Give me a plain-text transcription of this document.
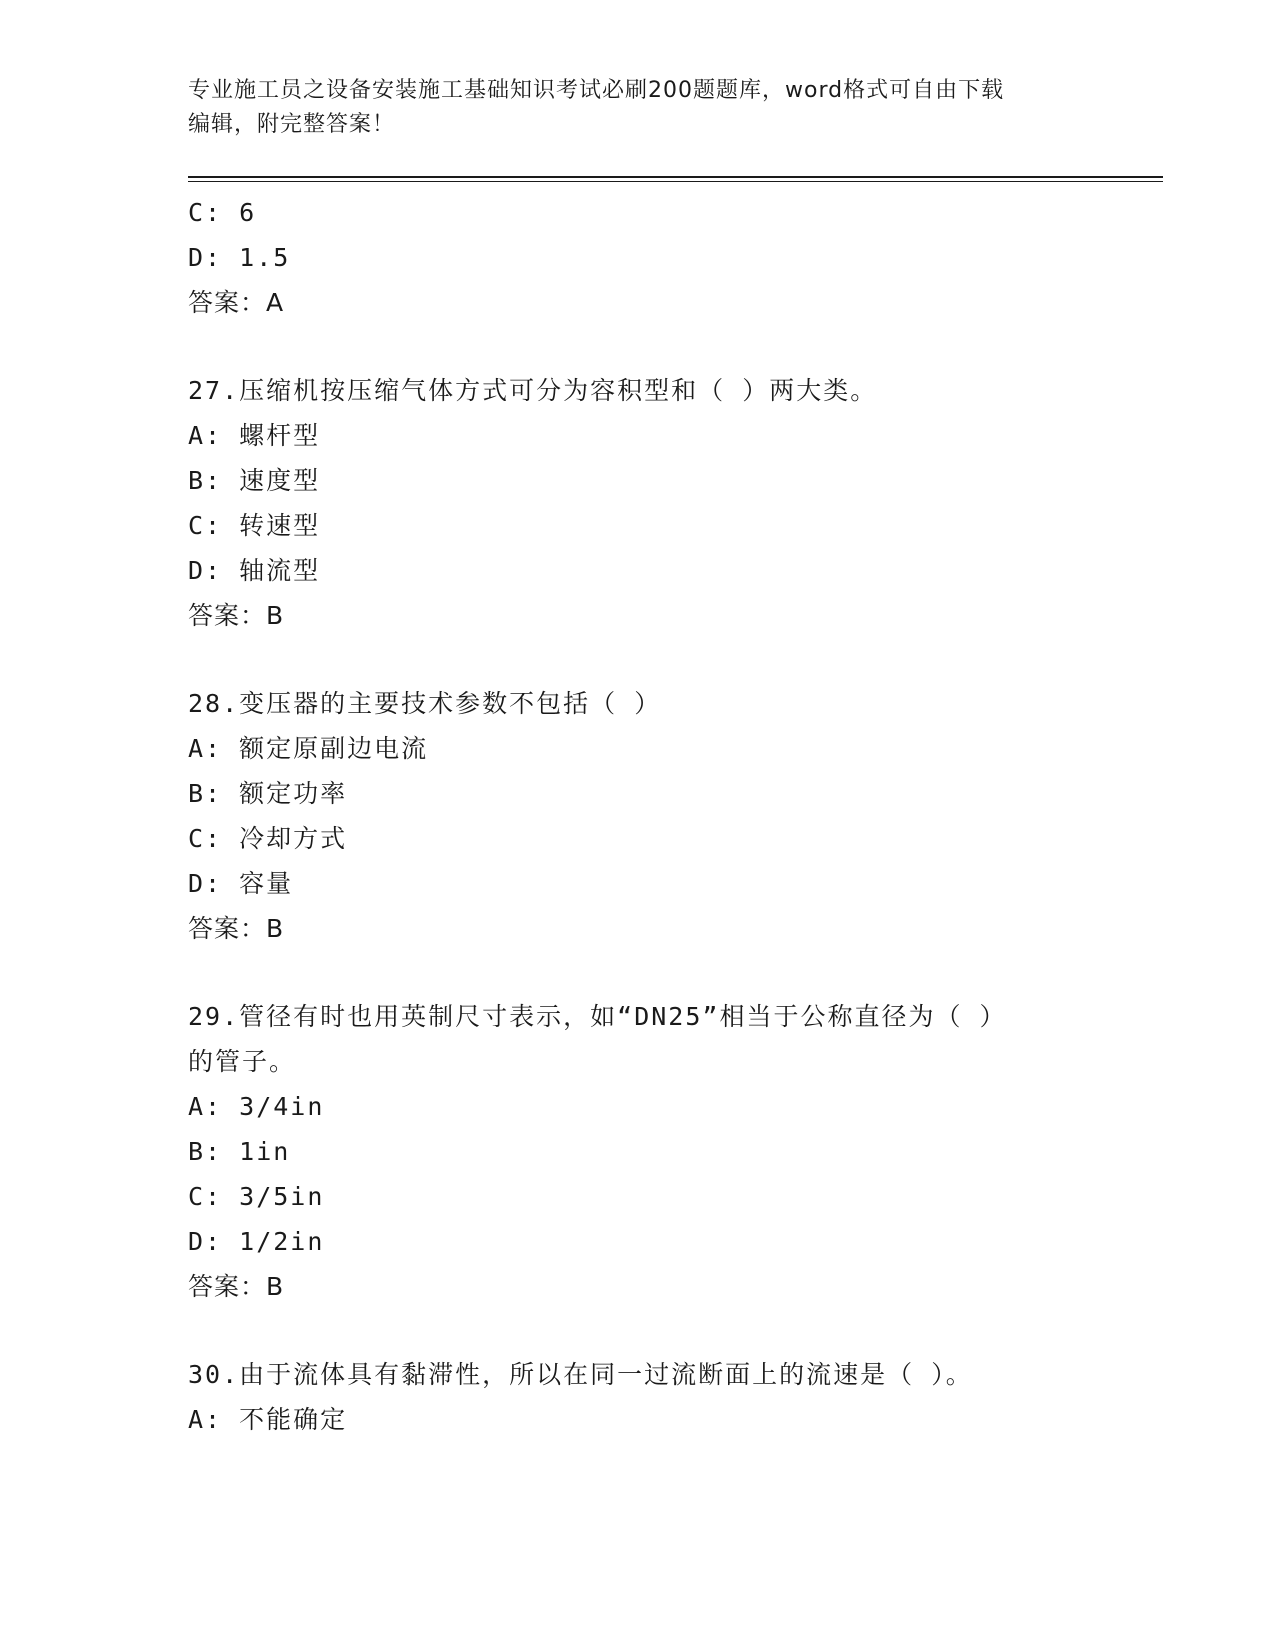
专业施工员之设备安装施工基础知识考试必刷200题题库，word格式可自由下载
编辑，附完整答案！
C: 6
D: 1.5
答案：A
27.压缩机按压缩气体方式可分为容积型和（ ）两大类。
A: 螺杆型
B: 速度型
C: 转速型
D: 轴流型
答案：B
28.变压器的主要技术参数不包括（ ）
A: 额定原副边电流
B: 额定功率
C: 冷却方式
D: 容量
答案：B
29.管径有时也用英制尺寸表示，如“DN25”相当于公称直径为（ ）
的管子。
A: 3/4in
B: 1in
C: 3/5in
D: 1/2in
答案：B
30.由于流体具有黏滞性，所以在同一过流断面上的流速是（ ）。
A: 不能确定
